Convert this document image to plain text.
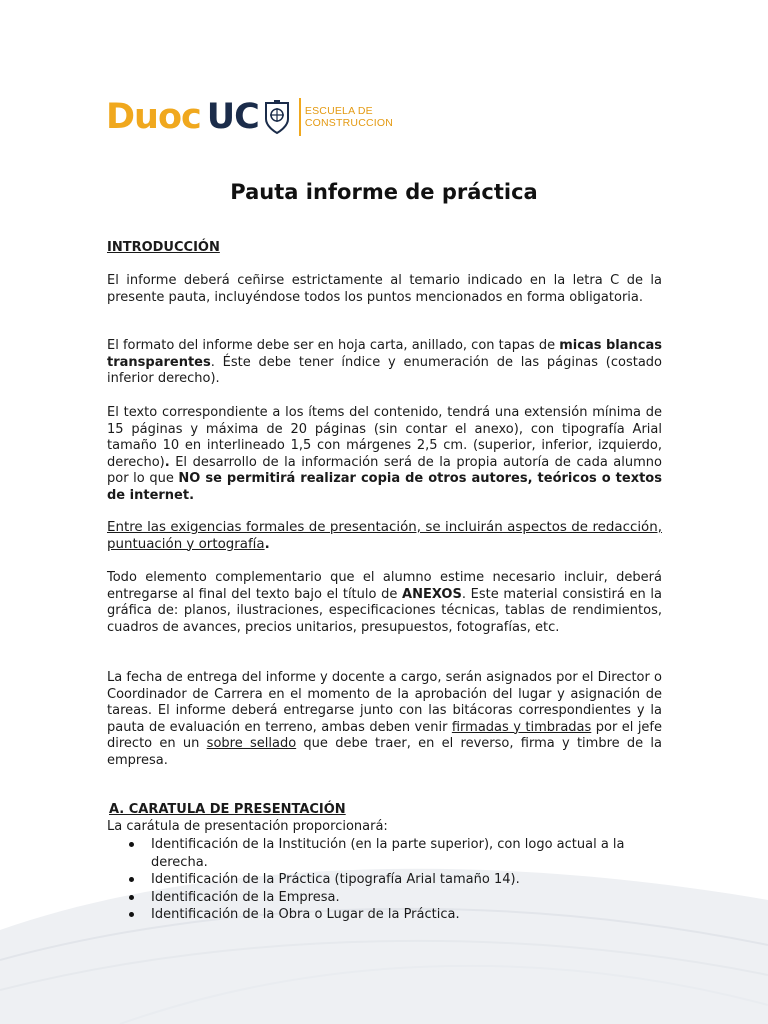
Duoc UC	ESCUELA DE
CONSTRUCCION
Pauta informe de práctica
INTRODUCCIÓN
El informe deberá ceñirse estrictamente al temario indicado en la letra C de la presente pauta, incluyéndose todos los puntos mencionados en forma obligatoria.
El formato del informe debe ser en hoja carta, anillado, con tapas de micas blancas transparentes. Éste debe tener índice y enumeración de las páginas (costado inferior derecho).
El texto correspondiente a los ítems del contenido, tendrá una extensión mínima de 15 páginas y máxima de 20 páginas (sin contar el anexo), con tipografía Arial tamaño 10 en interlineado 1,5 con márgenes 2,5 cm. (superior, inferior, izquierdo, derecho). El desarrollo de la información será de la propia autoría de cada alumno por lo que NO se permitirá realizar copia de otros autores, teóricos o textos de internet.
Entre las exigencias formales de presentación, se incluirán aspectos de redacción, puntuación y ortografía.
Todo elemento complementario que el alumno estime necesario incluir, deberá entregarse al final del texto bajo el título de ANEXOS. Este material consistirá en la gráfica de: planos, ilustraciones, especificaciones técnicas, tablas de rendimientos, cuadros de avances, precios unitarios, presupuestos, fotografías, etc.
La fecha de entrega del informe y docente a cargo, serán asignados por el Director o Coordinador de Carrera en el momento de la aprobación del lugar y asignación de tareas. El informe deberá entregarse junto con las bitácoras correspondientes y la pauta de evaluación en terreno, ambas deben venir firmadas y timbradas por el jefe directo en un sobre sellado que debe traer, en el reverso, firma y timbre de la empresa.
A. CARATULA DE PRESENTACIÓN
La carátula de presentación proporcionará:
Identificación de la Institución (en la parte superior), con logo actual a la derecha.
Identificación de la Práctica (tipografía Arial tamaño 14).
Identificación de la Empresa.
Identificación de la Obra o Lugar de la Práctica.
